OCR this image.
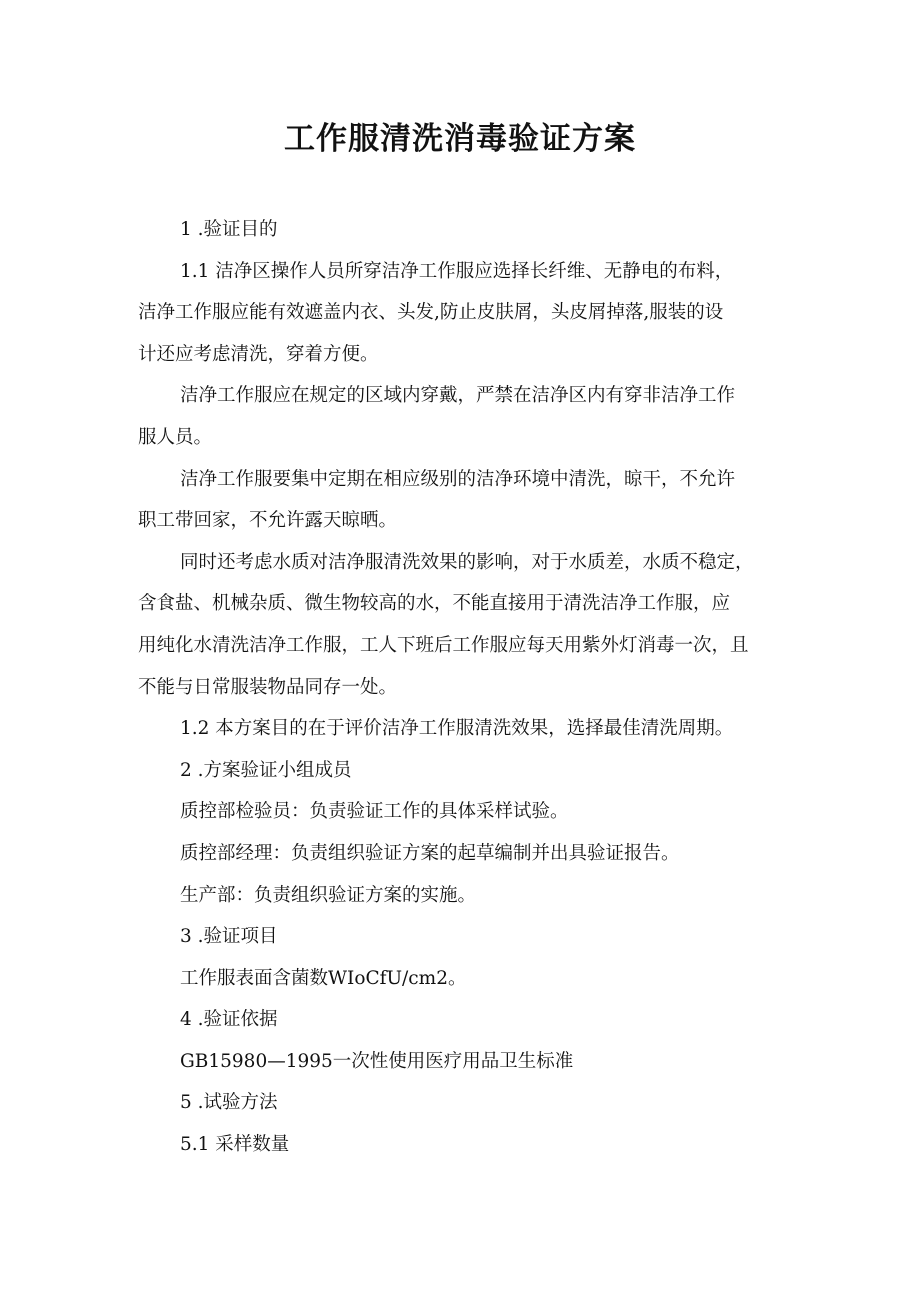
工作服清洗消毒验证方案

1 .验证目的

1.1 洁净区操作人员所穿洁净工作服应选择长纤维、无静电的布料，

洁净工作服应能有效遮盖内衣、头发,防止皮肤屑，头皮屑掉落,服装的设

计还应考虑清洗，穿着方便。

洁净工作服应在规定的区域内穿戴，严禁在洁净区内有穿非洁净工作

服人员。

洁净工作服要集中定期在相应级别的洁净环境中清洗，晾干，不允许

职工带回家，不允许露天晾晒。

同时还考虑水质对洁净服清洗效果的影响，对于水质差，水质不稳定，

含食盐、机械杂质、微生物较高的水，不能直接用于清洗洁净工作服，应

用纯化水清洗洁净工作服，工人下班后工作服应每天用紫外灯消毒一次，且

不能与日常服装物品同存一处。

1.2 本方案目的在于评价洁净工作服清洗效果，选择最佳清洗周期。

2 .方案验证小组成员

质控部检验员：负责验证工作的具体采样试验。

质控部经理：负责组织验证方案的起草编制并出具验证报告。

生产部：负责组织验证方案的实施。

3 .验证项目

工作服表面含菌数WIoCfU/cm2。

4 .验证依据

GB15980—1995一次性使用医疗用品卫生标准

5 .试验方法

5.1 采样数量
